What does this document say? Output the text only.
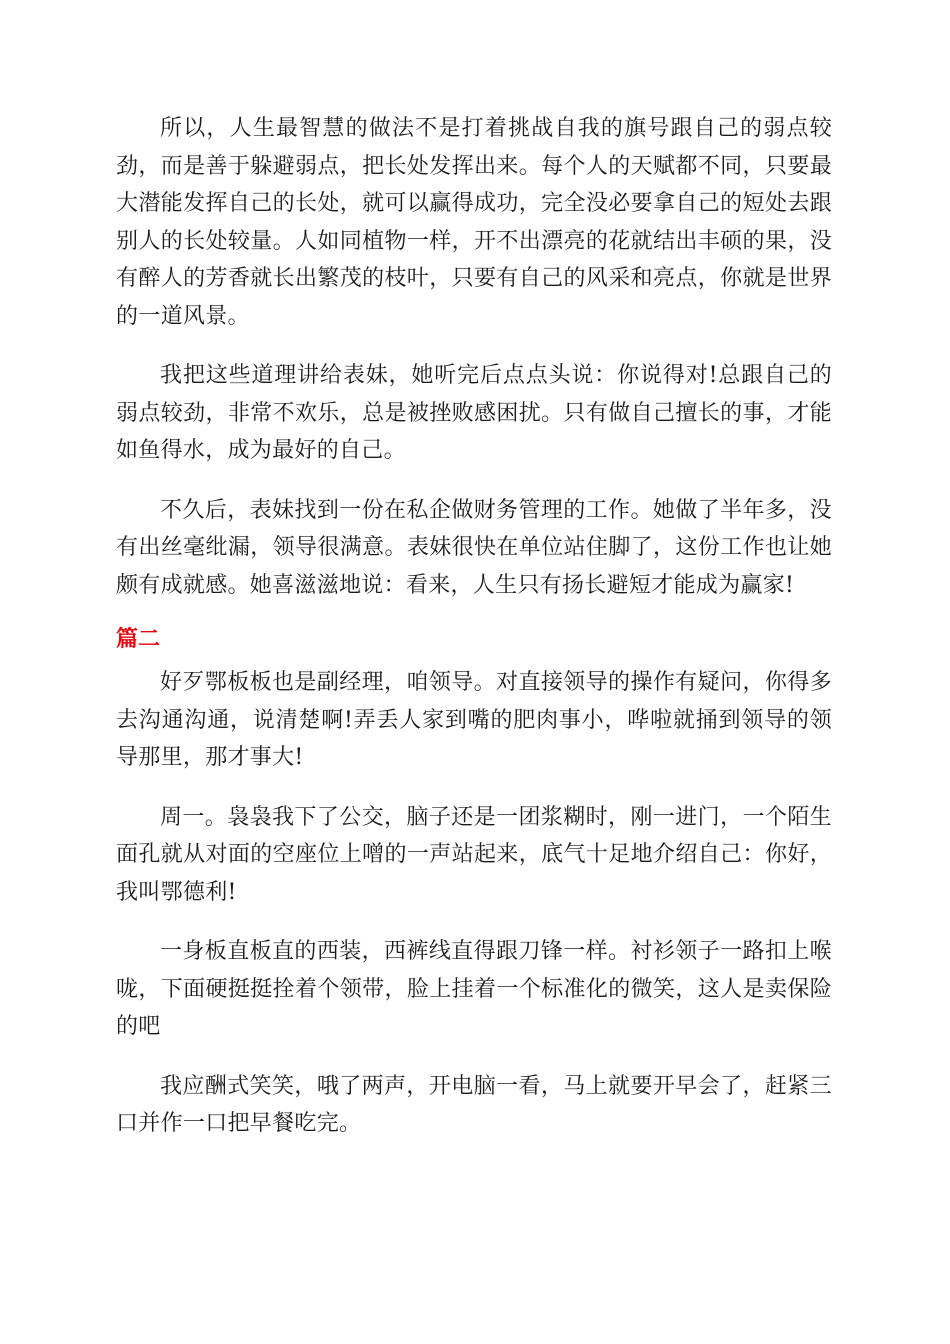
所以，人生最智慧的做法不是打着挑战自我的旗号跟自己的弱点较劲，而是善于躲避弱点，把长处发挥出来。每个人的天赋都不同，只要最大潜能发挥自己的长处，就可以赢得成功，完全没必要拿自己的短处去跟别人的长处较量。人如同植物一样，开不出漂亮的花就结出丰硕的果，没有醉人的芳香就长出繁茂的枝叶，只要有自己的风采和亮点，你就是世界的一道风景。

我把这些道理讲给表妹，她听完后点点头说：你说得对!总跟自己的弱点较劲，非常不欢乐，总是被挫败感困扰。只有做自己擅长的事，才能如鱼得水，成为最好的自己。

不久后，表妹找到一份在私企做财务管理的工作。她做了半年多，没有出丝毫纰漏，领导很满意。表妹很快在单位站住脚了，这份工作也让她颇有成就感。她喜滋滋地说：看来，人生只有扬长避短才能成为赢家!

篇二

好歹鄂板板也是副经理，咱领导。对直接领导的操作有疑问，你得多去沟通沟通，说清楚啊!弄丢人家到嘴的肥肉事小，哗啦就捅到领导的领导那里，那才事大!

周一。袅袅我下了公交，脑子还是一团浆糊时，刚一进门，一个陌生面孔就从对面的空座位上噌的一声站起来，底气十足地介绍自己：你好，我叫鄂德利!

一身板直板直的西装，西裤线直得跟刀锋一样。衬衫领子一路扣上喉咙，下面硬挺挺拴着个领带，脸上挂着一个标准化的微笑，这人是卖保险的吧

我应酬式笑笑，哦了两声，开电脑一看，马上就要开早会了，赶紧三口并作一口把早餐吃完。
